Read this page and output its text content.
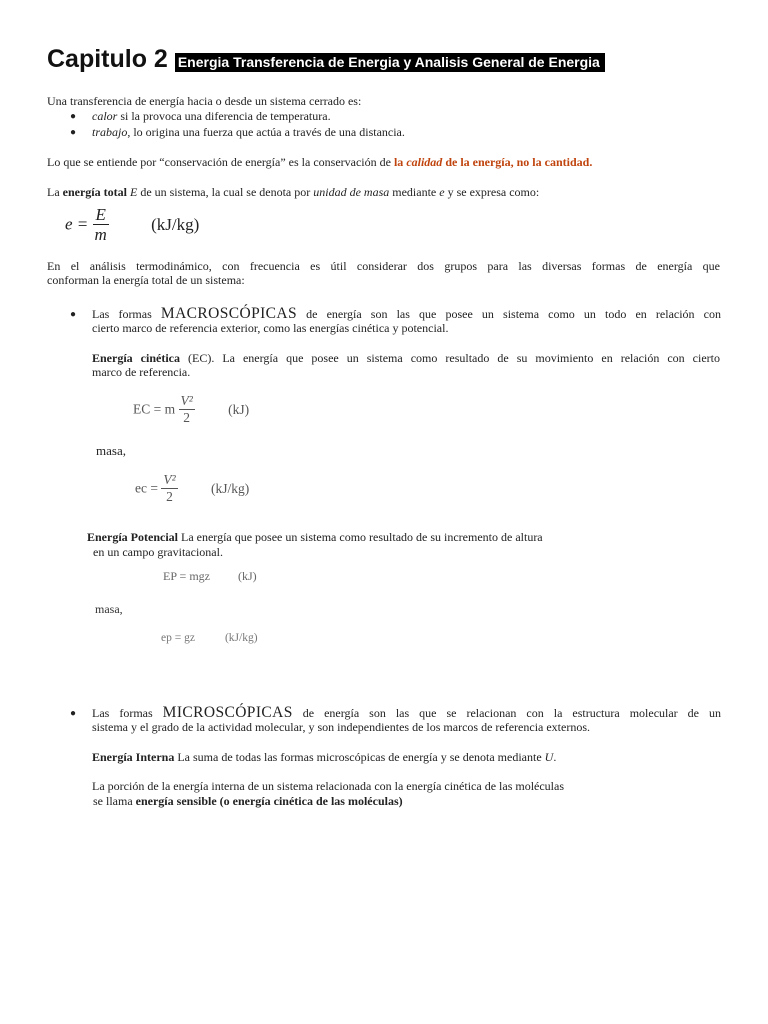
Capitulo 2 Energia Transferencia de Energia y Analisis General de Energia
Una transferencia de energía hacia o desde un sistema cerrado es:
● calor si la provoca una diferencia de temperatura.
● trabajo, lo origina una fuerza que actúa a través de una distancia.
Lo que se entiende por “conservación de energía” es la conservación de la calidad de la energía, no la cantidad.
La energía total E de un sistema, la cual se denota por unidad de masa mediante e y se expresa como:
$e = \frac{E}{m} (kJ/kg)$
En el análisis termodinámico, con frecuencia es útil considerar dos grupos para las diversas formas de energía que
conforman la energía total de un sistema:
● Las formas MACROSCÓPICAS de energía son las que posee un sistema como un todo en relación con
cierto marco de referencia exterior, como las energías cinética y potencial.
Energía cinética (EC). La energía que posee un sistema como resultado de su movimiento en relación con cierto
marco de referencia.
EC = m $\frac{\text{V²}}{2} (kJ)$
masa,
ec = $\frac{\text{V²}}{2} (kJ/kg)$
Energía Potencial La energía que posee un sistema como resultado de su incremento de altura
en un campo gravitacional.
EP = mgz (kJ)
masa,
ep = gz	(kJ/kg)
● Las formas MICROSCÓPICAS de energía son las que se relacionan con la estructura molecular de un
sistema y el grado de la actividad molecular, y son independientes de los marcos de referencia externos.
Energía Interna La suma de todas las formas microscópicas de energía y se denota mediante U.
La porción de la energía interna de un sistema relacionada con la energía cinética de las moléculas
se llama energía sensible (o energía cinética de las moléculas)
